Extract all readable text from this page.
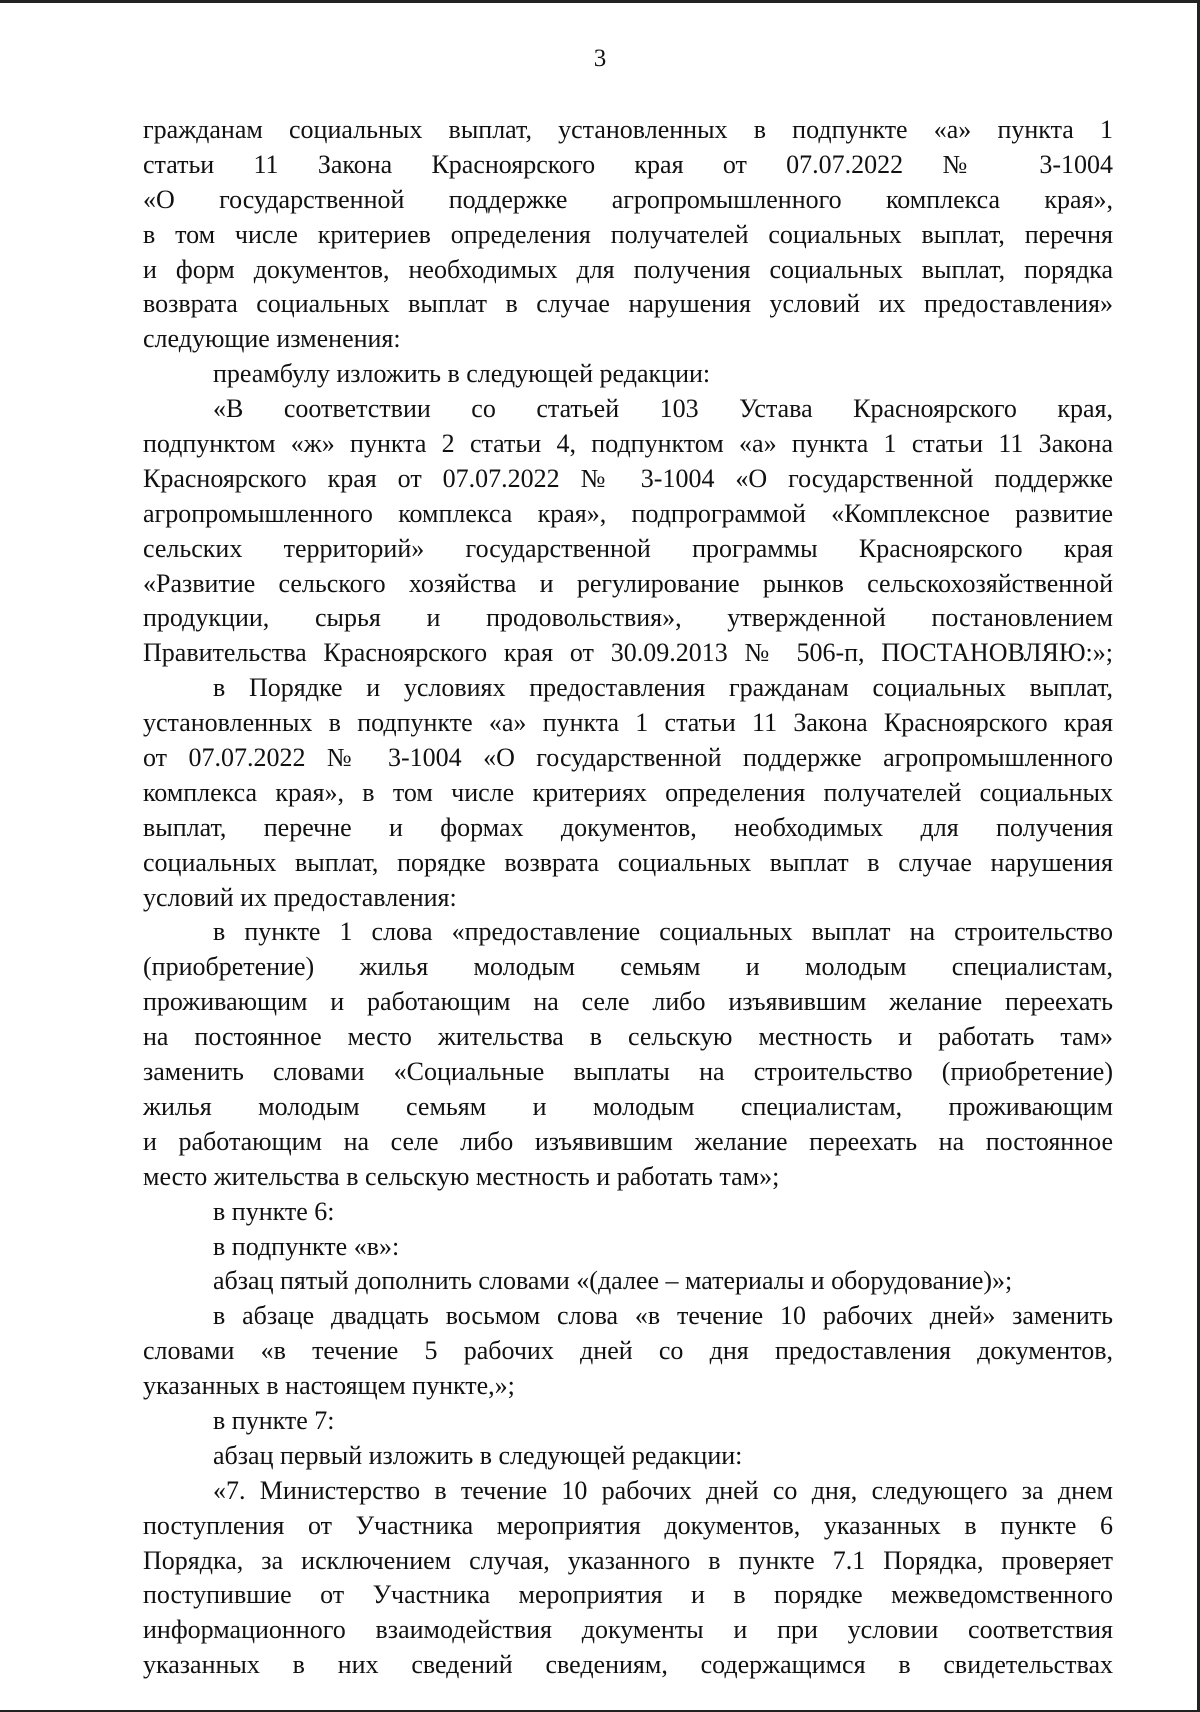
3
гражданам социальных выплат, установленных в подпункте «а» пункта 1
статьи 11 Закона Красноярского края от 07.07.2022 № 3-1004
«О государственной поддержке агропромышленного комплекса края»,
в том числе критериев определения получателей социальных выплат, перечня
и форм документов, необходимых для получения социальных выплат, порядка
возврата социальных выплат в случае нарушения условий их предоставления»
следующие изменения:
преамбулу изложить в следующей редакции:
«В соответствии со статьей 103 Устава Красноярского края,
подпунктом «ж» пункта 2 статьи 4, подпунктом «а» пункта 1 статьи 11 Закона
Красноярского края от 07.07.2022 № 3-1004 «О государственной поддержке
агропромышленного комплекса края», подпрограммой «Комплексное развитие
сельских территорий» государственной программы Красноярского края
«Развитие сельского хозяйства и регулирование рынков сельскохозяйственной
продукции, сырья и продовольствия», утвержденной постановлением
Правительства Красноярского края от 30.09.2013 № 506-п, ПОСТАНОВЛЯЮ:»;
в Порядке и условиях предоставления гражданам социальных выплат,
установленных в подпункте «а» пункта 1 статьи 11 Закона Красноярского края
от 07.07.2022 № 3-1004 «О государственной поддержке агропромышленного
комплекса края», в том числе критериях определения получателей социальных
выплат, перечне и формах документов, необходимых для получения
социальных выплат, порядке возврата социальных выплат в случае нарушения
условий их предоставления:
в пункте 1 слова «предоставление социальных выплат на строительство
(приобретение) жилья молодым семьям и молодым специалистам,
проживающим и работающим на селе либо изъявившим желание переехать
на постоянное место жительства в сельскую местность и работать там»
заменить словами «Социальные выплаты на строительство (приобретение)
жилья молодым семьям и молодым специалистам, проживающим
и работающим на селе либо изъявившим желание переехать на постоянное
место жительства в сельскую местность и работать там»;
в пункте 6:
в подпункте «в»:
абзац пятый дополнить словами «(далее – материалы и оборудование)»;
в абзаце двадцать восьмом слова «в течение 10 рабочих дней» заменить
словами «в течение 5 рабочих дней со дня предоставления документов,
указанных в настоящем пункте,»;
в пункте 7:
абзац первый изложить в следующей редакции:
«7. Министерство в течение 10 рабочих дней со дня, следующего за днем
поступления от Участника мероприятия документов, указанных в пункте 6
Порядка, за исключением случая, указанного в пункте 7.1 Порядка, проверяет
поступившие от Участника мероприятия и в порядке межведомственного
информационного взаимодействия документы и при условии соответствия
указанных в них сведений сведениям, содержащимся в свидетельствах
